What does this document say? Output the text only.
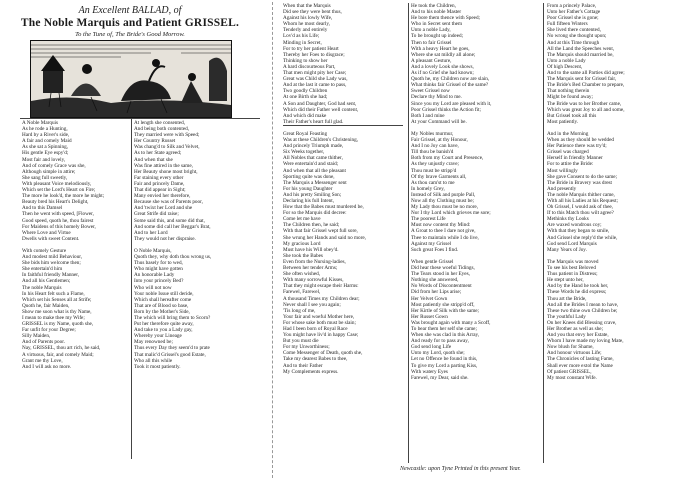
An Excellent BALLAD, of
The Noble Marquis and Patient GRISSEL.
To the Tune of, The Bride's Good Morrow.
A Noble Marquis
As he rode a Hunting,
Hard by a River's side,
A fair and comely Maid
As she sat a Spinning,
His gentle Eye espy'd;
Most fair and lovely,
And of comely Grace was she,
Although simple in attire;
She sang full sweetly,
With pleasant Voice melodiously,
Which set the Lord's Heart on Fire;
The more he look'd, the more he might;
Beauty bred his Heart's Delight,
And to this Damsel
Then he went with speed, [Flower,
Good speed, quoth he, thou fairest
For Maidens of this homely Bower,
Where Love and Virtue
Dwells with sweet Content.

With comely Gesture
And modest mild Behaviour,
She bids him welcome then;
She entertain'd him
In faithful friendly Manner,
And all his Gentlemen;
The noble Marquis
In his Heart felt such a Flame,
Which set his Senses all at Strife;
Quoth he, fair Maiden,
Show me soon what is thy Name,
I mean to make thee my Wife;
GRISSEL is my Name, quoth she,
Far unfit for your Degree;
Silly Maiden,
And of Parents poor.
Nay, GRISSEL, thou art rich, he said,
A virtuous, fair, and comely Maid;
Grant me thy Love,
And I will ask no more.
At length she consented,
And being both contented,
They married were with Speed;
Her Country Russet
Was chang'd to Silk and Velvet,
As to her State agreed;
And when that she
Was fine attired in the same,
Her Beauty shone most bright,
Far staining every other
Fair and princely Dame,
That did appear in Sight;
Many envied her therefore,
Because she was of Parents poor,
And 'twixt her Lord and she
Great Strife did raise;
Some said this, and some did that,
And some did call her Beggar's Brat,
And to her Lord
They would not her dispraise.

O Noble Marquis,
Quoth they, why doth thou wrong us,
Thus basely for to wed,
Who might have gotten
An honorable Lady
Into your princely Bed?
Who will not now
Your noble Issue still deride,
Which shall hereafter come
That are of Blood so base,
Born by the Mother's Side,
The which will bring them to Scorn?
Put her therefore quite away,
And take to you a Lady gay,
Whereby your Lineage
May renowned be;
Thus every Day they seem'd to prate
That malic'd Grissel's good Estate,
Who all this while
Took it most patiently.
When that the Marquis
Did see they were bent thus,
Against his lowly Wife,
Whom he most dearly,
Tenderly and entirely
Lov'd as his Life;
Minding in Secret,
For to try her patient Heart
Thereby her Foes to disgrace;
Thinking to show her
A hard discourteous Part,
That men might pity her Case;
Great was Child she Lady was,
And at the last it came to pass,
Two goodly Children
At one Birth she had;
A Son and Daughter, God had sent,
Which did their Father well content,
And which did make
Their Father's heart full glad.

Great Royal Feasting
Was at these Children's Christening,
And princely Triumph made,
Six Weeks together,
All Nobles that came thither,
Were entertain'd and staid;
And when that all the pleasant
Sporting quite was done,
The Marquis a Messenger sent
For his young Daughter
And his pretty Smiling Son;
Declaring his full Intent,
How that the Babes must murdered be,
For so the Marquis did decree:
Come let me have
The Children then, he said;
With that fair Grissel wept full sore,
She wrung her Hands and said no more,
My gracious Lord
Must have his Will obey'd.
She took the Babes
Even from the Nursing-ladies,
Between her tender Arms;
She often wished,
With many sorrowful Kisses,
That they might escape their Harms:
Farewel, Farewel,
A thousand Times my Children dear;
Never shall I see you again;
'Tis long of me,
Your fair and woeful Mother here,
For whose sake both must be slain;
Had I been born of Royal Race
You might have liv'd in happy Case;
But you must die
For my Unworthiness;
Come Messenger of Death, quoth she,
Take my dearest Babes to thee,
And to their Father
My Complements express.
He took the Children,
And to his noble Master
He bore them thence with Speed;
Who in Secret sent them
Unto a noble Lady,
To be brought up indeed;
Then to fair Grissel
With a heavy Heart he goes,
Where she sat mildly all alone;
A pleasant Gesture,
And a lovely Look she shows,
As if no Grief she had known;
Quoth he, my Children now are slain,
What thinks fair Grissel of the same?
Sweet Grissel now
Declare thy Mind to me.
Since you my Lord are pleased with it,
Poor Grissel thinks the Action fit;
Both I and mine
At your Command will be.

My Nobles murmur,
Fair Grissel, at thy Honour,
And I no Joy can have,
Till thou be banish'd
Both from my Court and Presence,
As they unjustly crave;
Thou must be stripp'd
Of thy brave Garments all,
As thou cam'st to me
In homely Grey,
Instead of Silk and purple Pall,
Now all thy Clothing must be;
My Lady thou must be no more,
Nor I thy Lord which grieves me sore;
The poorest Life
Must now content thy Mind:
A Groat to thee I dare not give,
Thee to maintain while I do live,
Against my Grissel
Such great Foes I find.

When gentle Grissel
Did hear these woeful Tidings,
The Tears stood in her Eyes,
Nothing she answered,
No Words of Discontentment
Did from her Lips arise;
Her Velvet Gown
Most patiently she stripp'd off,
Her Kirtle of Silk with the same;
Her Russet Gown
Was brought again with many a Scoff,
To bear them her self she came;
When she was clad in this Array,
And ready for to pass away,
God send long Life
Unto my Lord, quoth she;
Let no Offence be found in this,
To give my Lord a parting Kiss,
With watery Eyes
Farewel, my Dear, said she.
From a princely Palace,
Unto her Father's Cottage
Poor Grissel she is gone;
Full fifteen Winters
She lived there contented,
No wrong she thought upon;
And at this Time through
All the Land the Speeches went,
The Marquis should married be,
Unto a noble Lady
Of high Descent,
And to the same all Parties did agree;
The Marquis sent for Grissel fair,
The Bride's Bed Chamber to prepare,
That nothing therein
Might be found away;
The Bride was to her Brother came,
Which was great Joy to all and some,
But Grissel took all this
Most patiently.

And in the Morning
When as they should be wedded
Her Patience there was try'd;
Grissel was charged
Herself in friendly Manner
For to attire the Bride:
Most willingly
She gave Consent to do the same;
The Bride in Bravery was drest
And presently
The noble Marquis thither came,
With all his Ladies at his Request;
Oh Grissel, I would ask of thee,
If to this Match thou wilt agree?
Methinks thy Looks
Are waxed wondrous coy;
With that they began to smile,
And Grissel she reply'd the while,
God send Lord Marquis
Many Years of Joy.

The Marquis was moved
To see his best Beloved
Thus patient in Distress;
He stept unto her,
And by the Hand he took her,
These Words he did express;
Thou art the Bride,
And all the Brides I mean to have,
These two thine own Children be;
The youthful Lady
On her Knees did Blessing crave,
Her Brother as well as she;
And you that envy her Estate,
Whom I have made my loving Mate,
Now blush for Shame,
And honour virtuous Life;
The Chronicles of lasting Fame,
Shall ever more extol the Name
Of patient GRISSEL,
My most constant Wife.
Newcastle: upon Tyne Printed in this present Year.
